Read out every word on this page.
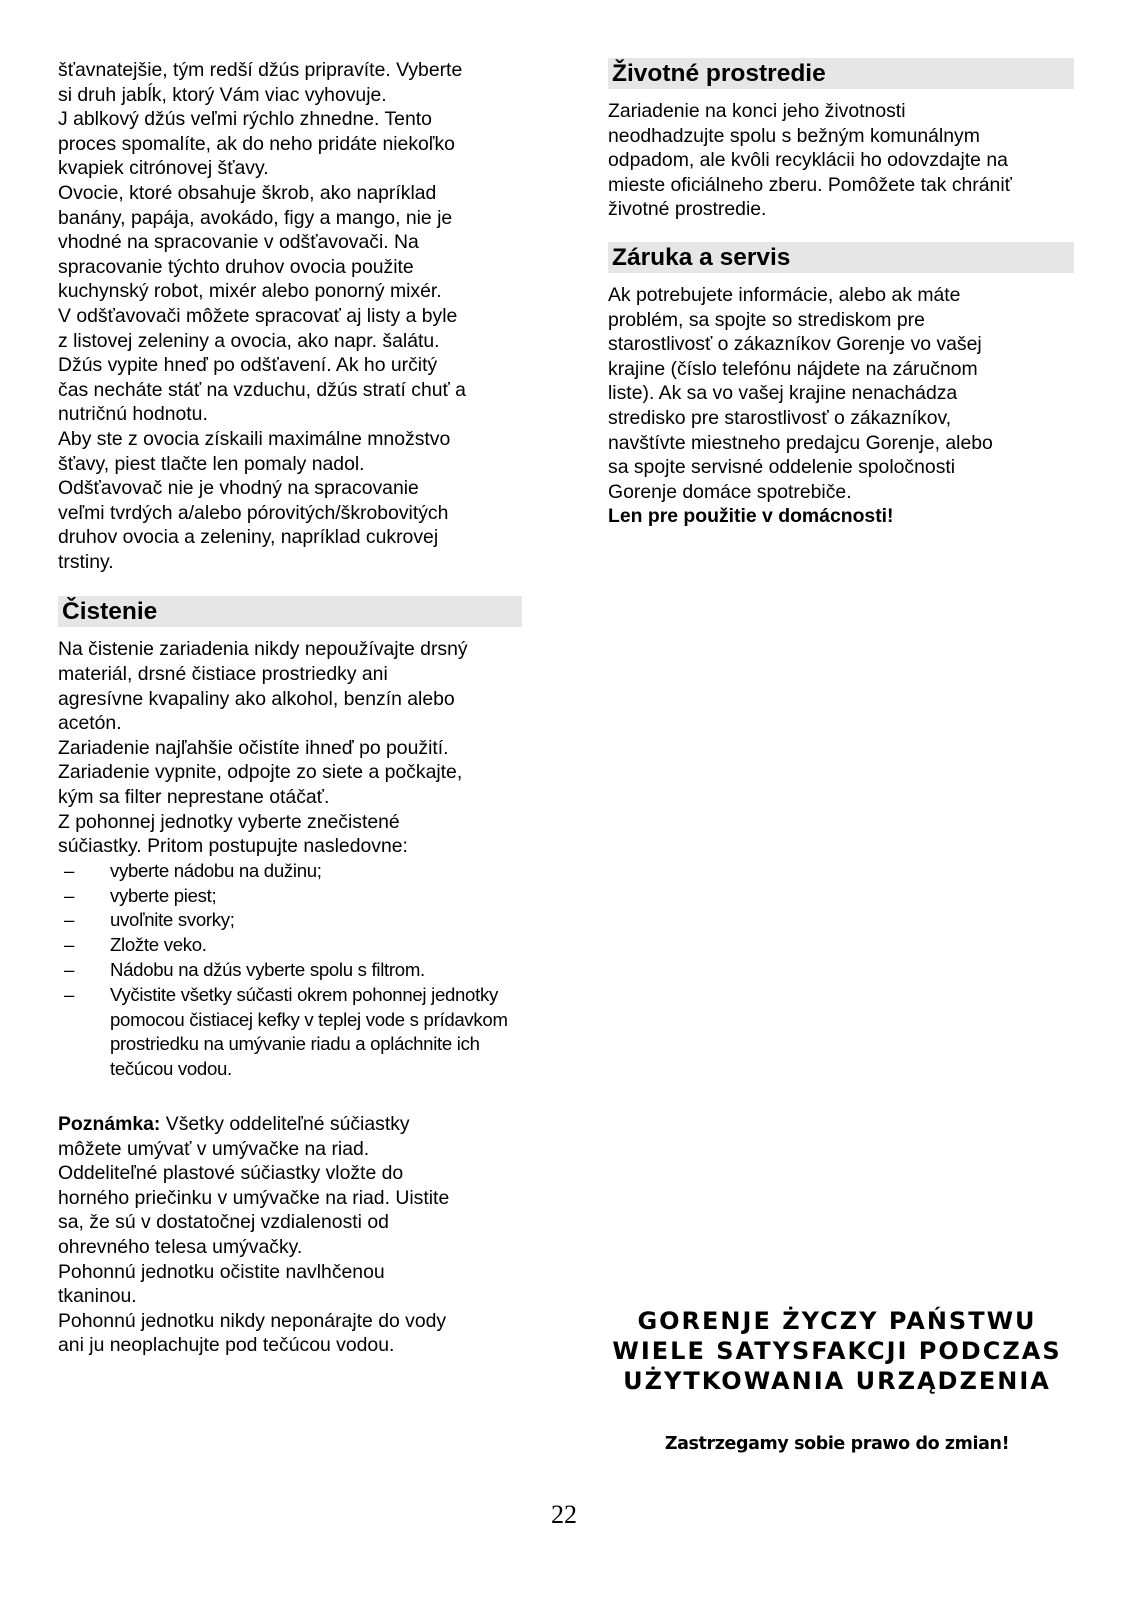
šťavnatejšie, tým redší džús pripravíte. Vyberte
si druh jabĺk, ktorý Vám viac vyhovuje.
J ablkový džús veľmi rýchlo zhnedne. Tento
proces spomalíte, ak do neho pridáte niekoľko
kvapiek citrónovej šťavy.
Ovocie, ktoré obsahuje škrob, ako napríklad
banány, papája, avokádo, figy a mango, nie je
vhodné na spracovanie v odšťavovači. Na
spracovanie týchto druhov ovocia použite
kuchynský robot, mixér alebo ponorný mixér.
V odšťavovači môžete spracovať aj listy a byle
z listovej zeleniny a ovocia, ako napr. šalátu.
Džús vypite hneď po odšťavení. Ak ho určitý
čas necháte stáť na vzduchu, džús stratí chuť a
nutričnú hodnotu.
Aby ste z ovocia získaili maximálne množstvo
šťavy, piest tlačte len pomaly nadol.
Odšťavovač nie je vhodný na spracovanie
veľmi tvrdých a/alebo pórovitých/škrobovitých
druhov ovocia a zeleniny, napríklad cukrovej
trstiny.
Čistenie
Na čistenie zariadenia nikdy nepoužívajte drsný
materiál, drsné čistiace prostriedky ani
agresívne kvapaliny ako alkohol, benzín alebo
acetón.
Zariadenie najľahšie očistíte ihneď po použití.
Zariadenie vypnite, odpojte zo siete a počkajte,
kým sa filter neprestane otáčať.
Z pohonnej jednotky vyberte znečistené
súčiastky. Pritom postupujte nasledovne:
– vyberte nádobu na dužinu;
– vyberte piest;
– uvoľnite svorky;
– Zložte veko.
– Nádobu na džús vyberte spolu s filtrom.
– Vyčistite všetky súčasti okrem pohonnej jednotky pomocou čistiacej kefky v teplej vode s prídavkom prostriedku na umývanie riadu a opláchnite ich tečúcou vodou.
Poznámka: Všetky oddeliteľné súčiastky
môžete umývať v umývačke na riad.
Oddeliteľné plastové súčiastky vložte do
horného priečinku v umývačke na riad. Uistite
sa, že sú v dostatočnej vzdialenosti od
ohrevného telesa umývačky.
Pohonnú jednotku očistite navlhčenou
tkaninou.
Pohonnú jednotku nikdy neponárajte do vody
ani ju neoplachujte pod tečúcou vodou.
Životné prostredie
Zariadenie na konci jeho životnosti
neodhadzujte spolu s bežným komunálnym
odpadom, ale kvôli recyklácii ho odovzdajte na
mieste oficiálneho zberu. Pomôžete tak chrániť
životné prostredie.
Záruka a servis
Ak potrebujete informácie, alebo ak máte
problém, sa spojte so strediskom pre
starostlivosť o zákazníkov Gorenje vo vašej
krajine (číslo telefónu nájdete na záručnom
liste). Ak sa vo vašej krajine nenachádza
stredisko pre starostlivosť o zákazníkov,
navštívte miestneho predajcu Gorenje, alebo
sa spojte servisné oddelenie spoločnosti
Gorenje domáce spotrebiče.
Len pre použitie v domácnosti!
GORENJE ŻYCZY PAŃSTWU
WIELE SATYSFAKCJI PODCZAS
UŻYTKOWANIA URZĄDZENIA
Zastrzegamy sobie prawo do zmian!
22
